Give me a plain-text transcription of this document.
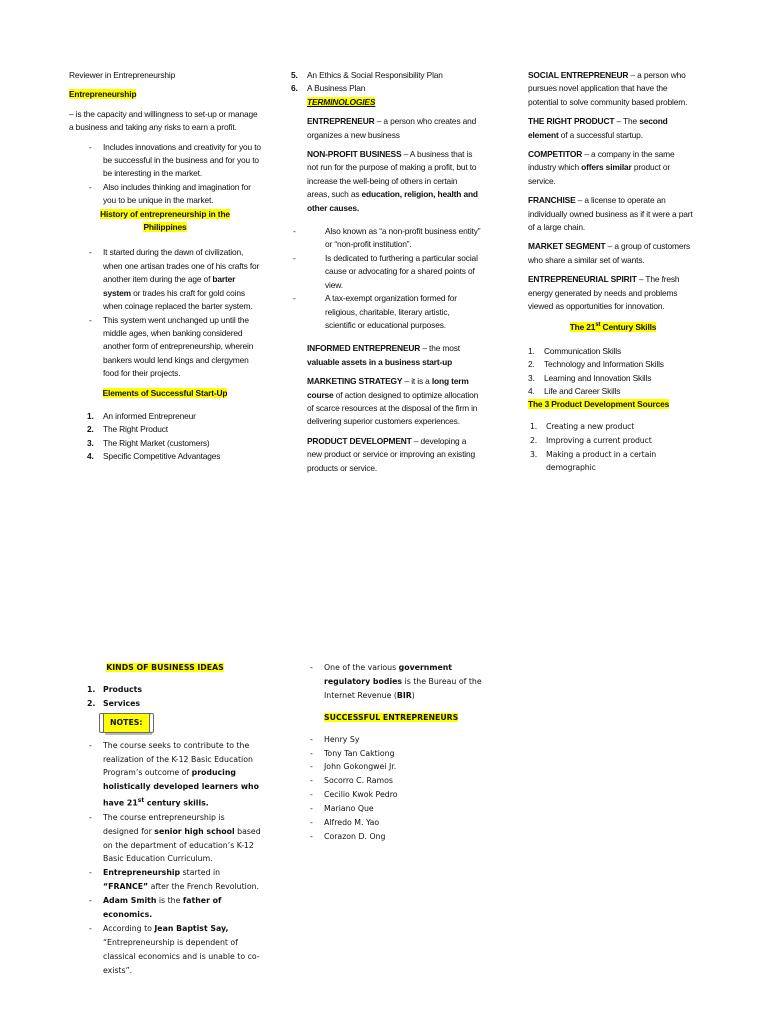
Reviewer in Entrepreneurship

Entrepreneurship

– is the capacity and willingness to set-up or manage a business and taking any risks to earn a profit.

- Includes innovations and creativity for you to be successful in the business and for you to be interesting in the market.
- Also includes thinking and imagination for you to be unique in the market.

History of entrepreneurship in the Philippines

- It started during the dawn of civilization, when one artisan trades one of his crafts for another item during the age of barter system or trades his craft for gold coins when coinage replaced the barter system.
- This system went unchanged up until the middle ages, when banking considered another form of entrepreneurship, wherein bankers would lend kings and clergymen food for their projects.

Elements of Successful Start-Up

1. An informed Entrepreneur
2. The Right Product
3. The Right Market (customers)
4. Specific Competitive Advantages
5. An Ethics & Social Responsibility Plan
6. A Business Plan

TERMINOLOGIES

ENTREPRENEUR – a person who creates and organizes a new business

NON-PROFIT BUSINESS – A business that is not run for the purpose of making a profit, but to increase the well-being of others in certain areas, such as education, religion, health and other causes.

- Also known as “a non-profit business entity” or “non-profit institution”.
- Is dedicated to furthering a particular social cause or advocating for a shared points of view.
- A tax-exempt organization formed for religious, charitable, literary artistic, scientific or educational purposes.

INFORMED ENTREPRENEUR – the most valuable assets in a business start-up

MARKETING STRATEGY – it is a long term course of action designed to optimize allocation of scarce resources at the disposal of the firm in delivering superior customers experiences.

PRODUCT DEVELOPMENT – developing a new product or service or improving an existing products or service.

SOCIAL ENTREPRENEUR – a person who pursues novel application that have the potential to solve community based problem.

THE RIGHT PRODUCT – The second element of a successful startup.

COMPETITOR – a company in the same industry which offers similar product or service.

FRANCHISE – a license to operate an individually owned business as if it were a part of a large chain.

MARKET SEGMENT – a group of customers who share a similar set of wants.

ENTREPRENEURIAL SPIRIT – The fresh energy generated by needs and problems viewed as opportunities for innovation.

The 21st Century Skills

1. Communication Skills
2. Technology and Information Skills
3. Learning and Innovation Skills
4. Life and Career Skills

The 3 Product Development Sources

1. Creating a new product
2. Improving a current product
3. Making a product in a certain demographic

KINDS OF BUSINESS IDEAS

1. Products
2. Services
NOTES:
- The course seeks to contribute to the realization of the K-12 Basic Education Program’s outcome of producing holistically developed learners who have 21st century skills.
- The course entrepreneurship is designed for senior high school based on the department of education’s K-12 Basic Education Curriculum.
- Entrepreneurship started in “FRANCE” after the French Revolution.
- Adam Smith is the father of economics.
- According to Jean Baptist Say, “Entrepreneurship is dependent of classical economics and is unable to co-exists”.
- One of the various government regulatory bodies is the Bureau of the Internet Revenue (BIR)

SUCCESSFUL ENTREPRENEURS

- Henry Sy
- Tony Tan Caktiong
- John Gokongwei Jr.
- Socorro C. Ramos
- Cecilio Kwok Pedro
- Mariano Que
- Alfredo M. Yao
- Corazon D. Ong
